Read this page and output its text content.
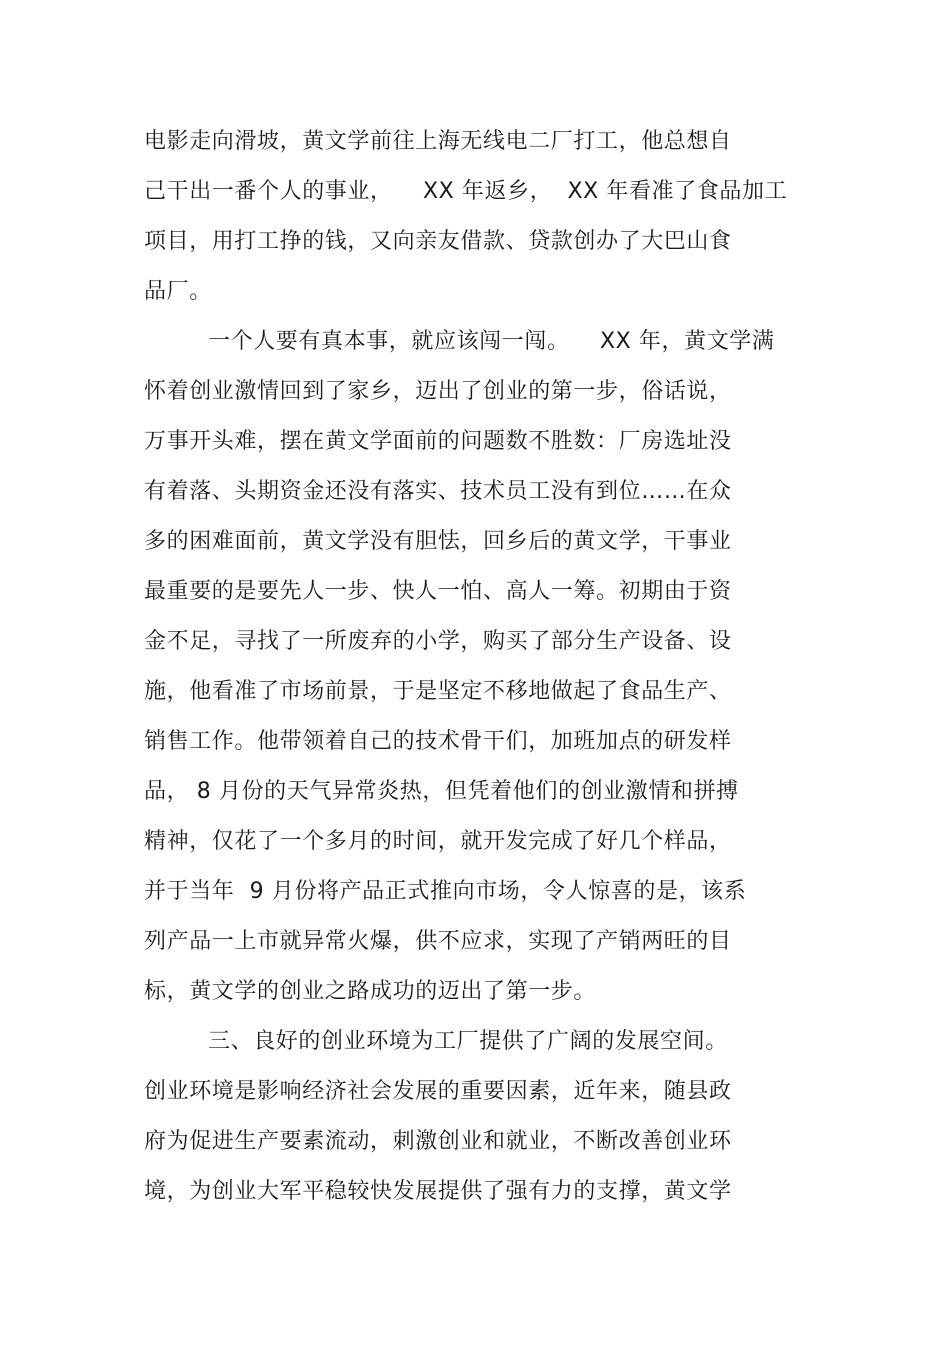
电影走向滑坡，黄文学前往上海无线电二厂打工，他总想自
己干出一番个人的事业，    XX 年返乡，  XX 年看准了食品加工
项目，用打工挣的钱，又向亲友借款、贷款创办了大巴山食
品厂。
一个人要有真本事，就应该闯一闯。    XX 年，黄文学满
怀着创业激情回到了家乡，迈出了创业的第一步，俗话说，
万事开头难，摆在黄文学面前的问题数不胜数：厂房选址没
有着落、头期资金还没有落实、技术员工没有到位……在众
多的困难面前，黄文学没有胆怯，回乡后的黄文学，干事业
最重要的是要先人一步、快人一怕、高人一筹。初期由于资
金不足，寻找了一所废弃的小学，购买了部分生产设备、设
施，他看准了市场前景，于是坚定不移地做起了食品生产、
销售工作。他带领着自己的技术骨干们，加班加点的研发样
品， 8 月份的天气异常炎热，但凭着他们的创业激情和拼搏
精神，仅花了一个多月的时间，就开发完成了好几个样品，
并于当年  9 月份将产品正式推向市场，令人惊喜的是，该系
列产品一上市就异常火爆，供不应求，实现了产销两旺的目
标，黄文学的创业之路成功的迈出了第一步。
三、良好的创业环境为工厂提供了广阔的发展空间。
创业环境是影响经济社会发展的重要因素，近年来，随县政
府为促进生产要素流动，刺激创业和就业，不断改善创业环
境，为创业大军平稳较快发展提供了强有力的支撑，黄文学
